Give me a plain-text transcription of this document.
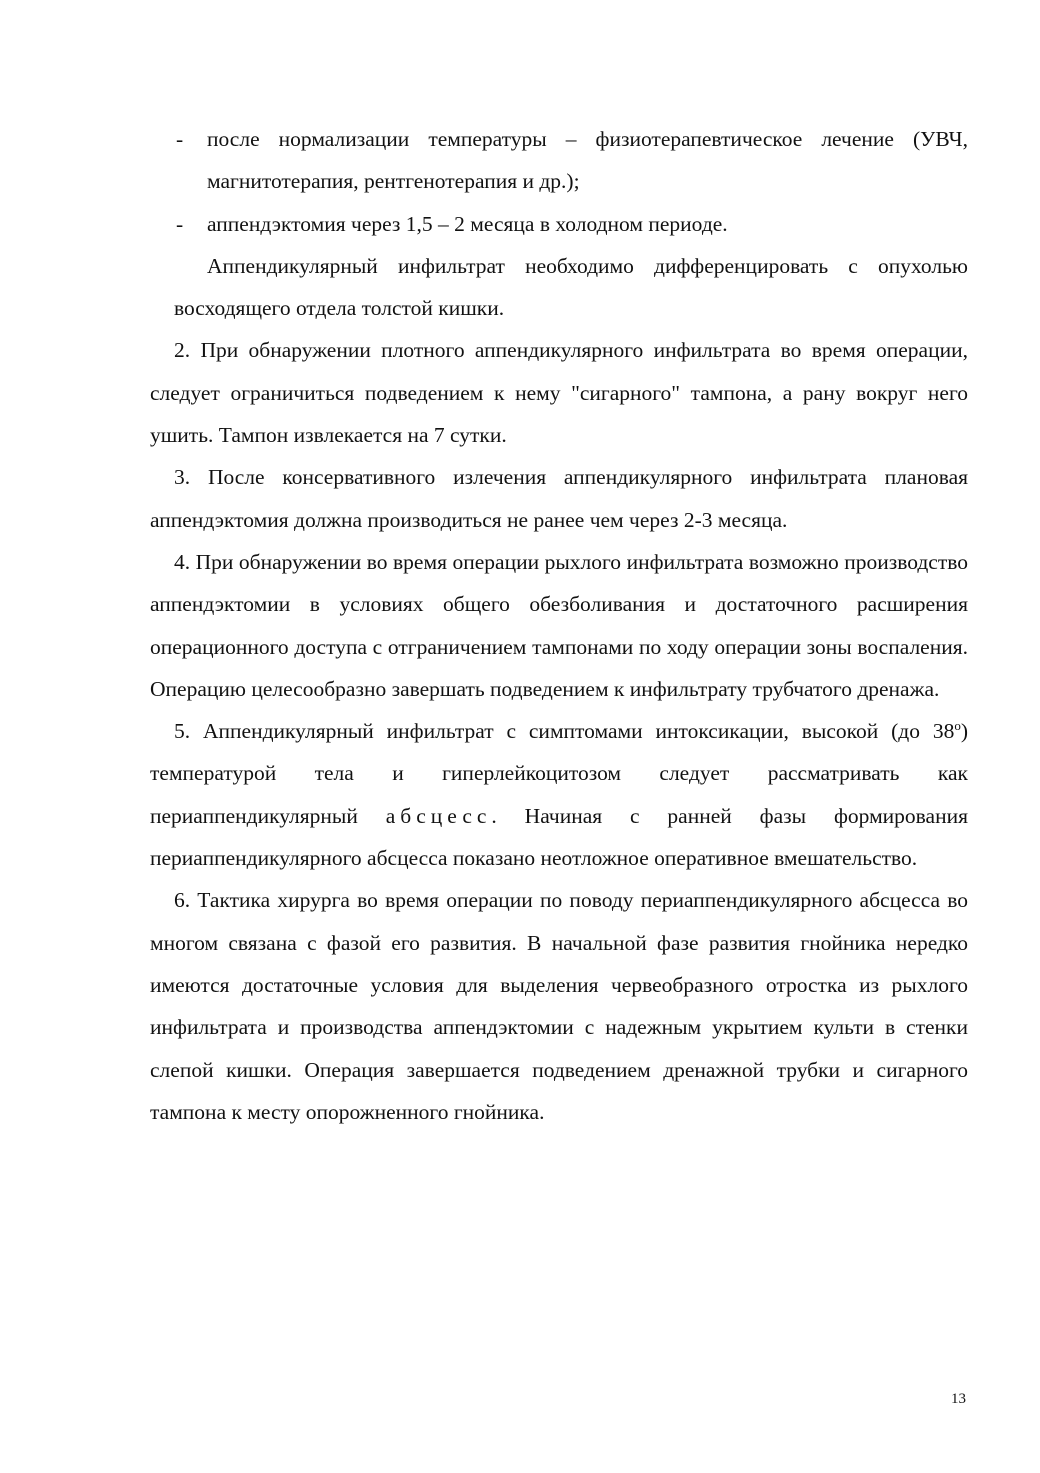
- после нормализации температуры – физиотерапевтическое лечение (УВЧ, магнитотерапия, рентгенотерапия и др.);
- аппендэктомия через 1,5 – 2 месяца в холодном периоде.

Аппендикулярный инфильтрат необходимо дифференцировать с опухолью восходящего отдела толстой кишки.

2. При обнаружении плотного аппендикулярного инфильтрата во время операции, следует ограничиться подведением к нему "сигарного" тампона, а рану вокруг него ушить. Тампон извлекается на 7 сутки.

3. После консервативного излечения аппендикулярного инфильтрата плановая аппендэктомия должна производиться не ранее чем через 2-3 месяца.

4. При обнаружении во время операции рыхлого инфильтрата возможно производство аппендэктомии в условиях общего обезболивания и достаточного расширения операционного доступа с отграничением тампонами по ходу операции зоны воспаления. Операцию целесообразно завершать подведением к инфильтрату трубчатого дренажа.

5. Аппендикулярный инфильтрат с симптомами интоксикации, высокой (до $38^о$) температурой тела и гиперлейкоцитозом следует рассматривать как периаппендикулярный абсцесс. Начиная с ранней фазы формирования периаппендикулярного абсцесса показано неотложное оперативное вмешательство.

6. Тактика хирурга во время операции по поводу периаппендикулярного абсцесса во многом связана с фазой его развития. В начальной фазе развития гнойника нередко имеются достаточные условия для выделения червеобразного отростка из рыхлого инфильтрата и производства аппендэктомии с надежным укрытием культи в стенки слепой кишки. Операция завершается подведением дренажной трубки и сигарного тампона к месту опорожненного гнойника.

13
